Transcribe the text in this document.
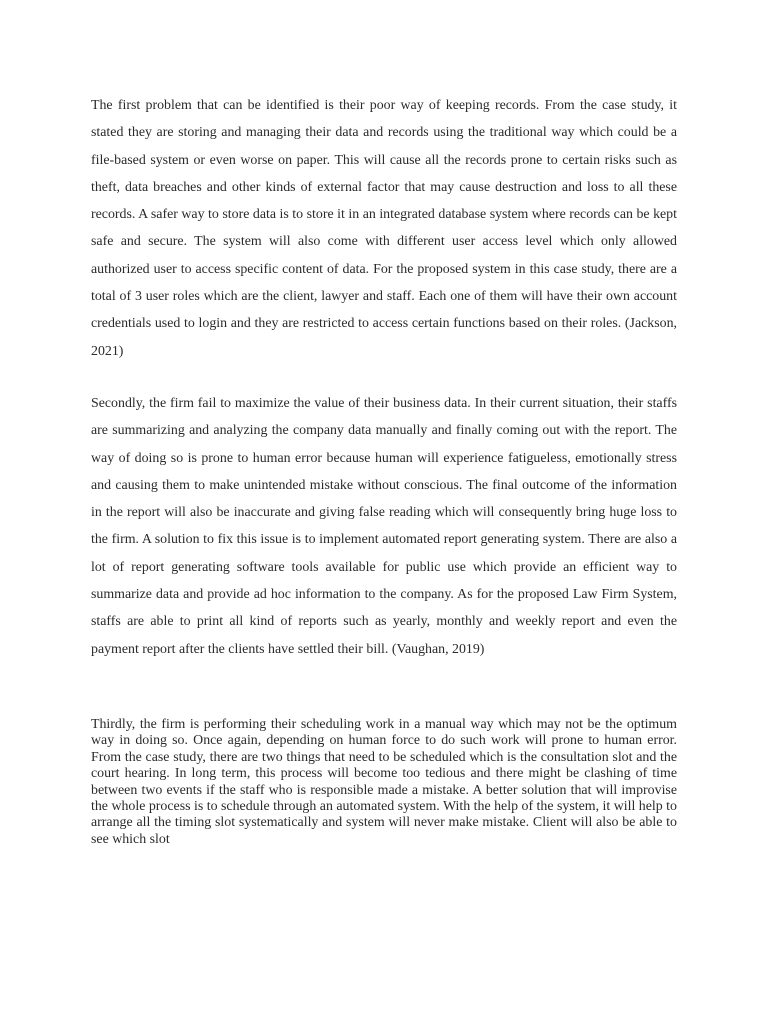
The first problem that can be identified is their poor way of keeping records. From the case study, it stated they are storing and managing their data and records using the traditional way which could be a file-based system or even worse on paper. This will cause all the records prone to certain risks such as theft, data breaches and other kinds of external factor that may cause destruction and loss to all these records. A safer way to store data is to store it in an integrated database system where records can be kept safe and secure. The system will also come with different user access level which only allowed authorized user to access specific content of data. For the proposed system in this case study, there are a total of 3 user roles which are the client, lawyer and staff. Each one of them will have their own account credentials used to login and they are restricted to access certain functions based on their roles. (Jackson, 2021)

Secondly, the firm fail to maximize the value of their business data. In their current situation, their staffs are summarizing and analyzing the company data manually and finally coming out with the report. The way of doing so is prone to human error because human will experience fatigueless, emotionally stress and causing them to make unintended mistake without conscious. The final outcome of the information in the report will also be inaccurate and giving false reading which will consequently bring huge loss to the firm. A solution to fix this issue is to implement automated report generating system. There are also a lot of report generating software tools available for public use which provide an efficient way to summarize data and provide ad hoc information to the company. As for the proposed Law Firm System, staffs are able to print all kind of reports such as yearly, monthly and weekly report and even the payment report after the clients have settled their bill. (Vaughan, 2019)

Thirdly, the firm is performing their scheduling work in a manual way which may not be the optimum way in doing so. Once again, depending on human force to do such work will prone to human error. From the case study, there are two things that need to be scheduled which is the consultation slot and the court hearing. In long term, this process will become too tedious and there might be clashing of time between two events if the staff who is responsible made a mistake. A better solution that will improvise the whole process is to schedule through an automated system. With the help of the system, it will help to arrange all the timing slot systematically and system will never make mistake. Client will also be able to see which slot
